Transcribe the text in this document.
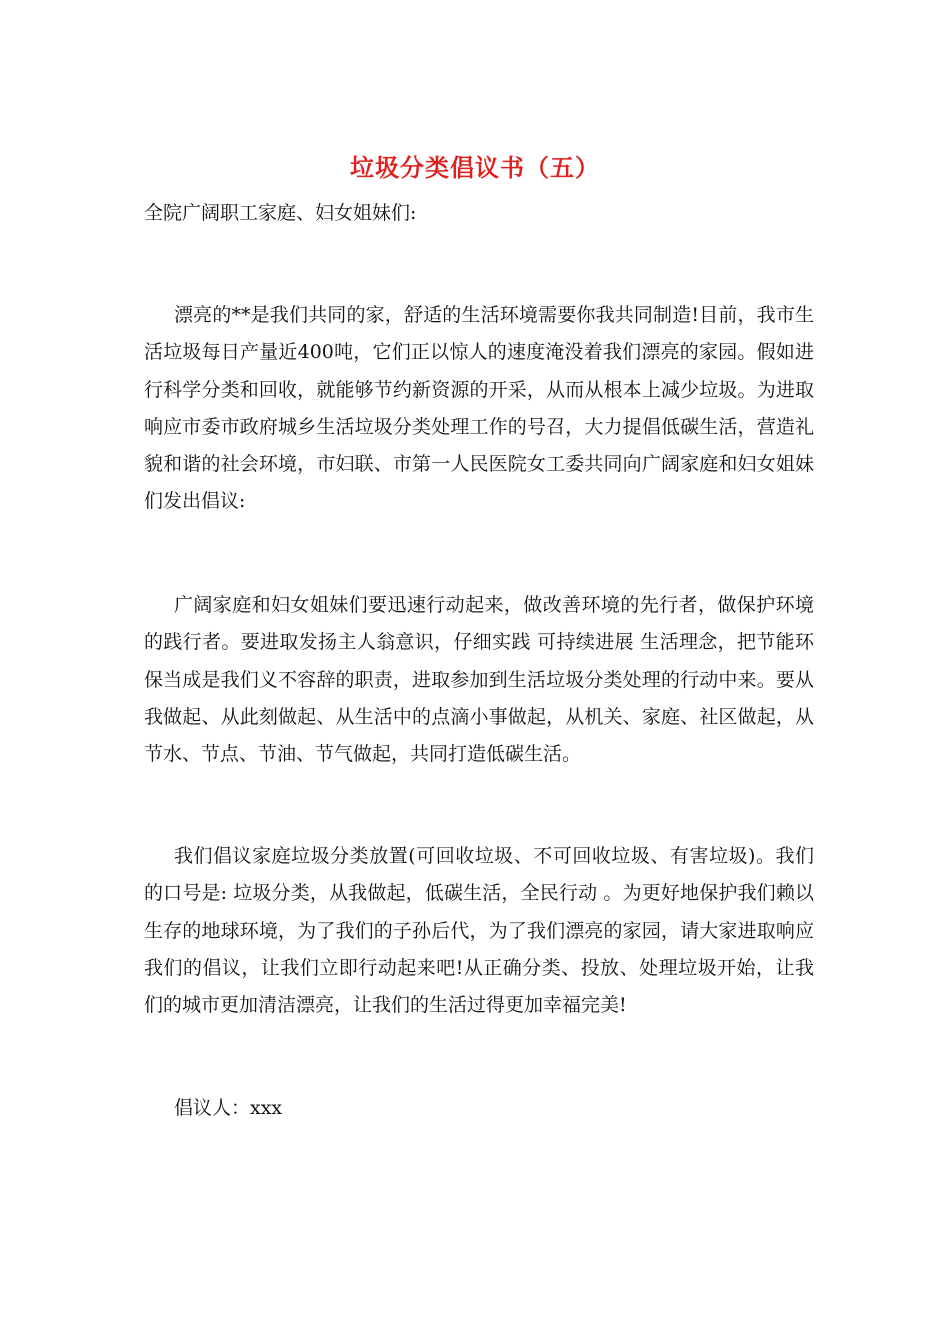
垃圾分类倡议书（五）

全院广阔职工家庭、妇女姐妹们:

漂亮的**是我们共同的家，舒适的生活环境需要你我共同制造!目前，我市生活垃圾每日产量近400吨，它们正以惊人的速度淹没着我们漂亮的家园。假如进行科学分类和回收，就能够节约新资源的开采，从而从根本上减少垃圾。为进取响应市委市政府城乡生活垃圾分类处理工作的号召，大力提倡低碳生活，营造礼貌和谐的社会环境，市妇联、市第一人民医院女工委共同向广阔家庭和妇女姐妹们发出倡议:

广阔家庭和妇女姐妹们要迅速行动起来，做改善环境的先行者，做保护环境的践行者。要进取发扬主人翁意识，仔细实践 可持续进展 生活理念，把节能环保当成是我们义不容辞的职责，进取参加到生活垃圾分类处理的行动中来。要从我做起、从此刻做起、从生活中的点滴小事做起，从机关、家庭、社区做起，从节水、节点、节油、节气做起，共同打造低碳生活。

我们倡议家庭垃圾分类放置(可回收垃圾、不可回收垃圾、有害垃圾)。我们的口号是: 垃圾分类，从我做起，低碳生活，全民行动 。为更好地保护我们赖以生存的地球环境，为了我们的子孙后代，为了我们漂亮的家园，请大家进取响应我们的倡议，让我们立即行动起来吧!从正确分类、投放、处理垃圾开始，让我们的城市更加清洁漂亮，让我们的生活过得更加幸福完美!

倡议人：xxx
